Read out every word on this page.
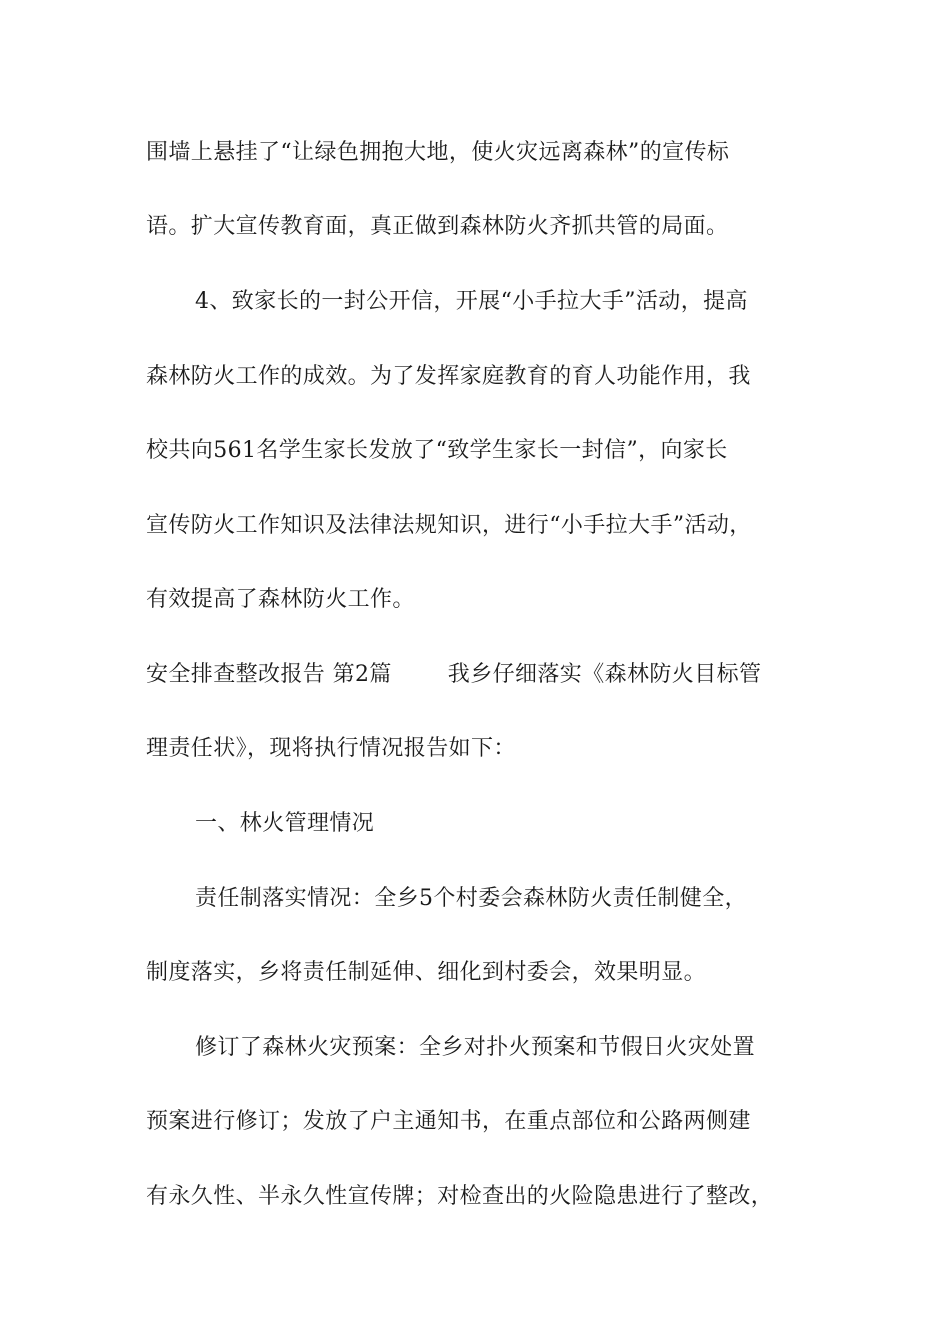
围墙上悬挂了“让绿色拥抱大地，使火灾远离森林”的宣传标
语。扩大宣传教育面，真正做到森林防火齐抓共管的局面。
4、致家长的一封公开信，开展“小手拉大手”活动，提高
森林防火工作的成效。为了发挥家庭教育的育人功能作用，我
校共向561名学生家长发放了“致学生家长一封信”，向家长
宣传防火工作知识及法律法规知识，进行“小手拉大手”活动，
有效提高了森林防火工作。
安全排查整改报告 第2篇	我乡仔细落实《森林防火目标管
理责任状》，现将执行情况报告如下：
一、林火管理情况
责任制落实情况：全乡5个村委会森林防火责任制健全，
制度落实，乡将责任制延伸、细化到村委会，效果明显。
修订了森林火灾预案：全乡对扑火预案和节假日火灾处置
预案进行修订；发放了户主通知书，在重点部位和公路两侧建
有永久性、半永久性宣传牌；对检查出的火险隐患进行了整改，
